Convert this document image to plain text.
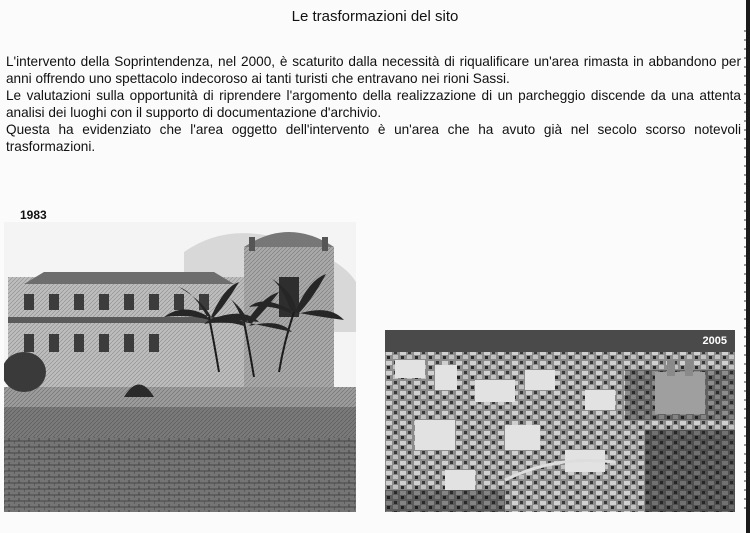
Le trasformazioni del sito

L'intervento della Soprintendenza, nel 2000, è scaturito dalla necessità di riqualificare un'area rimasta in abbandono per anni offrendo uno spettacolo indecoroso ai tanti turisti che entravano nei rioni Sassi.

Le valutazioni sulla opportunità di riprendere l'argomento della realizzazione di un parcheggio discende da una attenta analisi dei luoghi con il supporto di documentazione d'archivio.

Questa ha evidenziato che l'area oggetto dell'intervento è un'area che ha avuto già nel secolo scorso notevoli trasformazioni.

1983
2005
